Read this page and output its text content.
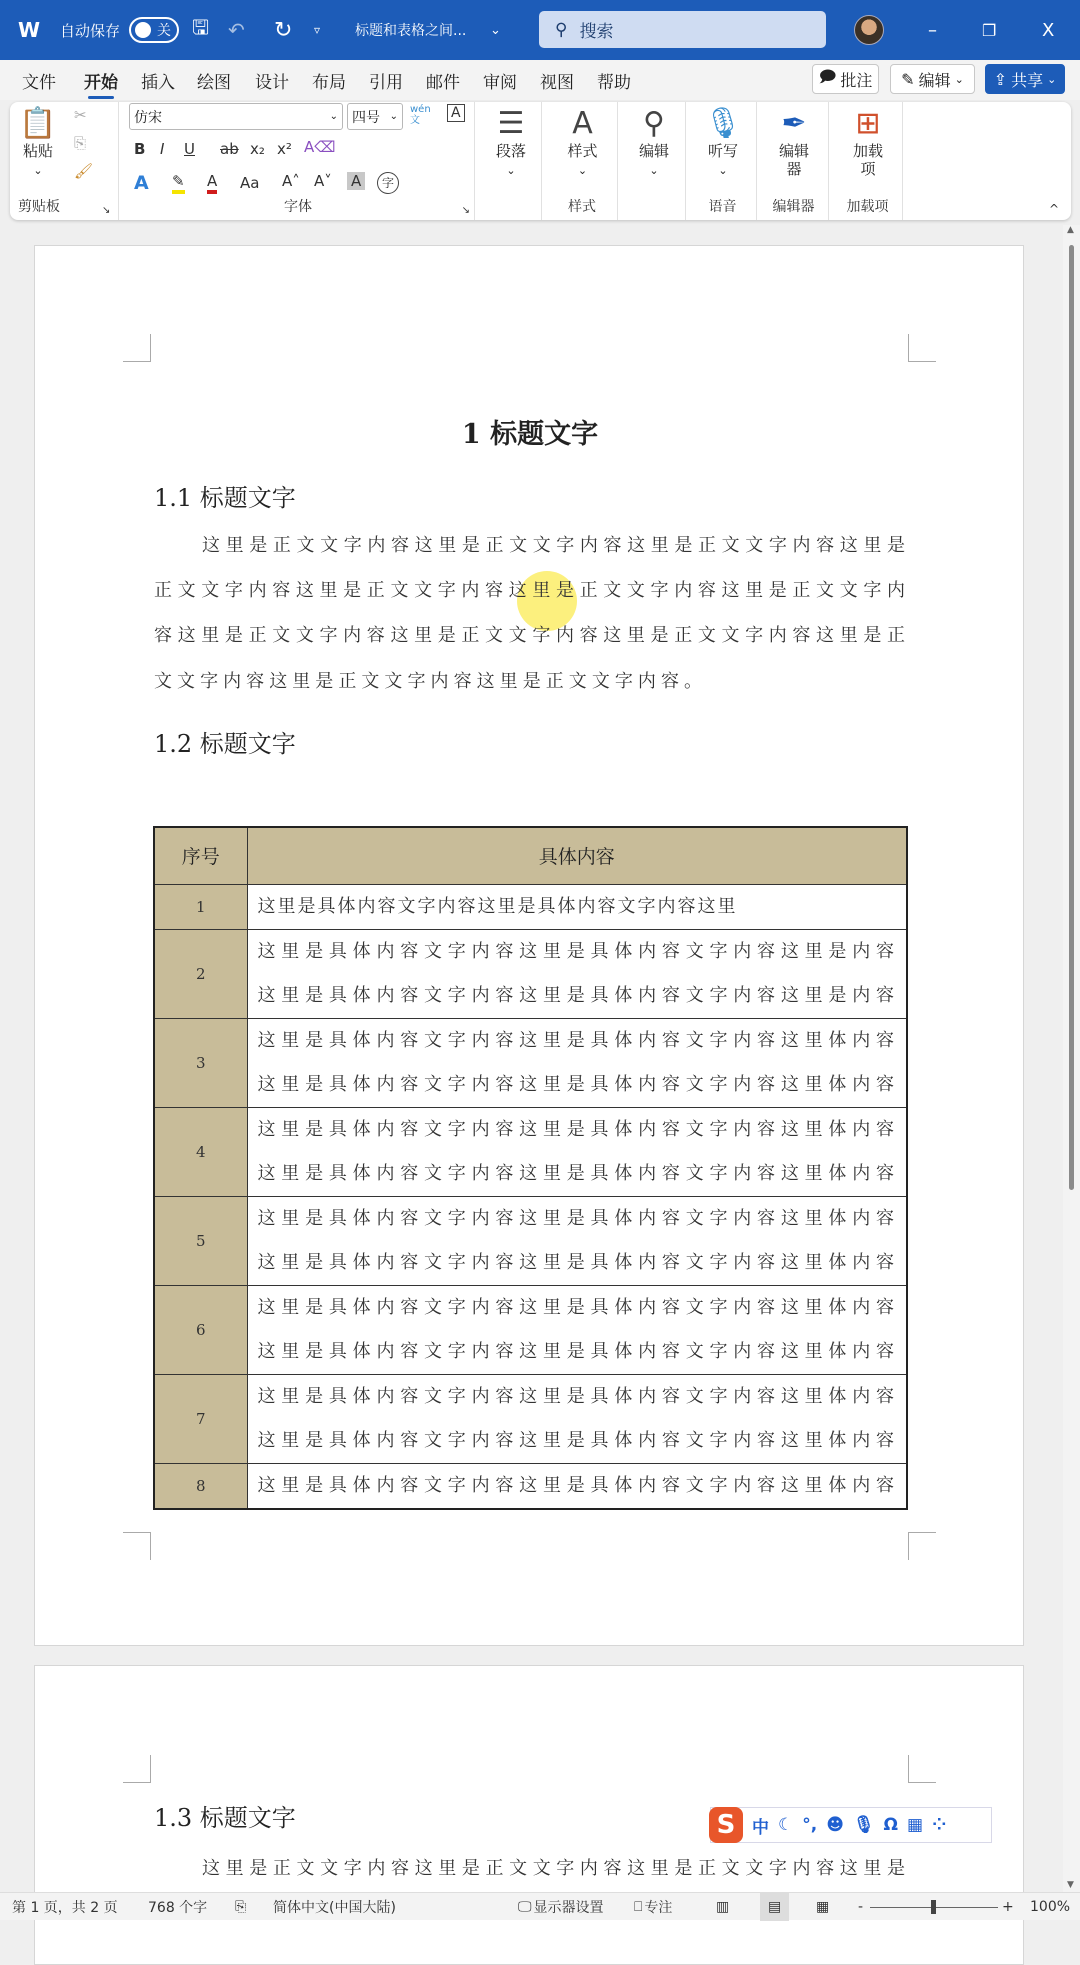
W 自动保存	关 🖫 ↶ ↻ ▿ 标题和表格之间... ⌄	⚲ 搜索	–	❐	X
文件 开始 插入 绘图 设计 布局 引用 邮件 审阅 视图 帮助	🗩 批注 ✎ 编辑 ⌄ ⇪ 共享 ⌄
📋
粘贴
⌄
✂
⎘
🖌
剪贴板	↘
仿宋	⌄ 四号 ⌄
wén文	A
B I U ab x₂ x² A⌫
A ✎ A Aa A˄ A˅ A	字
字体	↘
☰
段落
⌄
A
样式
⌄
样式
⚲
编辑
⌄
🎙
听写
⌄
语音
✒
编辑器
编辑器
⊞
加载项
加载项	^
1 标题文字
1.1 标题文字
这里是正文文字内容这里是正文文字内容这里是正文文字内容这里是
正文文字内容这里是正文文字内容这里是正文文字内容这里是正文文字内
容这里是正文文字内容这里是正文文字内容这里是正文文字内容这里是正
文文字内容这里是正文文字内容这里是正文文字内容。
1.2 标题文字
序号	具体内容
1	这里是具体内容文字内容这里是具体内容文字内容这里

2	这里是具体内容文字内容这里是具体内容文字内容这里是内容
这里是具体内容文字内容这里是具体内容文字内容这里是内容

3	这里是具体内容文字内容这里是具体内容文字内容这里体内容
这里是具体内容文字内容这里是具体内容文字内容这里体内容

4	这里是具体内容文字内容这里是具体内容文字内容这里体内容
这里是具体内容文字内容这里是具体内容文字内容这里体内容

5	这里是具体内容文字内容这里是具体内容文字内容这里体内容
这里是具体内容文字内容这里是具体内容文字内容这里体内容

6	这里是具体内容文字内容这里是具体内容文字内容这里体内容
这里是具体内容文字内容这里是具体内容文字内容这里体内容

7	这里是具体内容文字内容这里是具体内容文字内容这里体内容
这里是具体内容文字内容这里是具体内容文字内容这里体内容

8	这里是具体内容文字内容这里是具体内容文字内容这里体内容
1.3 标题文字
这里是正文文字内容这里是正文文字内容这里是正文文字内容这里是
S 中 ☾ °, ☻ 🎙 Ω ▦ ⁘
▲
▼
第 1 页，共 2 页 768 个字 ⎘ 简体中文(中国大陆)	🖵 显示器设置 ⎕ 专注	▥	▤	▦ -	+ 100%
